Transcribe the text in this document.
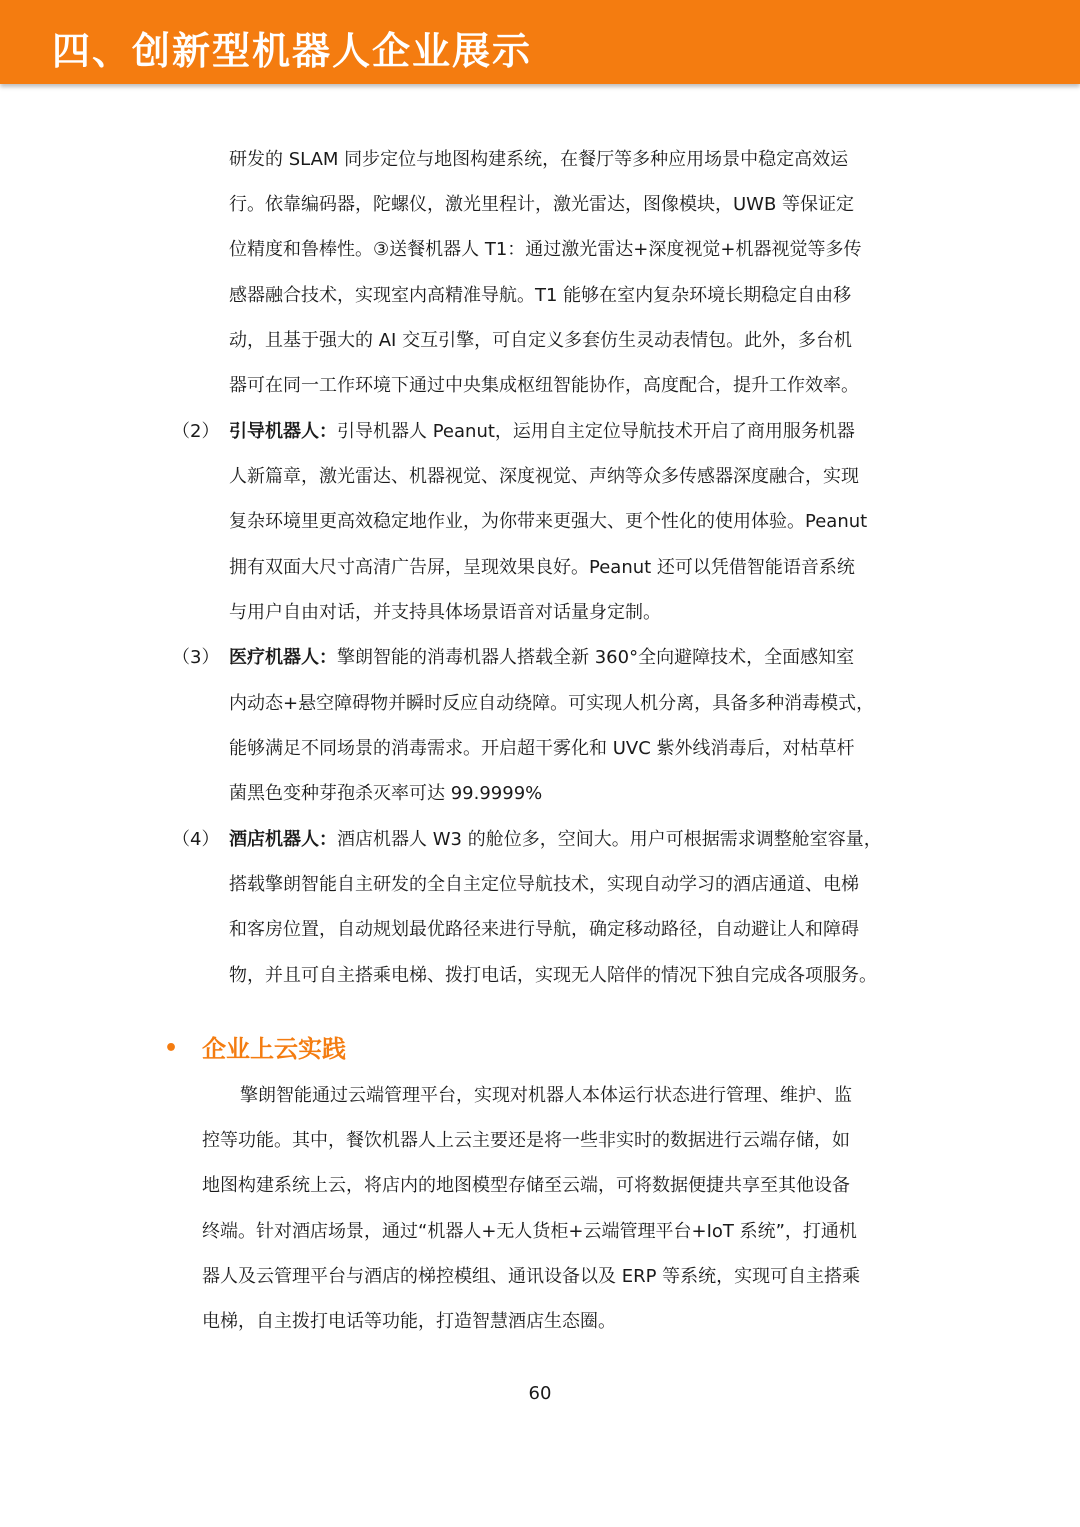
四、创新型机器人企业展示
研发的 SLAM 同步定位与地图构建系统，在餐厅等多种应用场景中稳定高效运
行。依靠编码器，陀螺仪，激光里程计，激光雷达，图像模块，UWB 等保证定
位精度和鲁棒性。③送餐机器人 T1：通过激光雷达+深度视觉+机器视觉等多传
感器融合技术，实现室内高精准导航。T1 能够在室内复杂环境长期稳定自由移
动，且基于强大的 AI 交互引擎，可自定义多套仿生灵动表情包。此外，多台机
器可在同一工作环境下通过中央集成枢纽智能协作，高度配合，提升工作效率。
（2） 引导机器人：引导机器人 Peanut，运用自主定位导航技术开启了商用服务机器
人新篇章，激光雷达、机器视觉、深度视觉、声纳等众多传感器深度融合，实现
复杂环境里更高效稳定地作业，为你带来更强大、更个性化的使用体验。Peanut
拥有双面大尺寸高清广告屏，呈现效果良好。Peanut 还可以凭借智能语音系统
与用户自由对话，并支持具体场景语音对话量身定制。
（3） 医疗机器人：擎朗智能的消毒机器人搭载全新 360°全向避障技术，全面感知室
内动态+悬空障碍物并瞬时反应自动绕障。可实现人机分离，具备多种消毒模式，
能够满足不同场景的消毒需求。开启超干雾化和 UVC 紫外线消毒后，对枯草杆
菌黑色变种芽孢杀灭率可达 99.9999%
（4） 酒店机器人：酒店机器人 W3 的舱位多，空间大。用户可根据需求调整舱室容量，
搭载擎朗智能自主研发的全自主定位导航技术，实现自动学习的酒店通道、电梯
和客房位置，自动规划最优路径来进行导航，确定移动路径，自动避让人和障碍
物，并且可自主搭乘电梯、拨打电话，实现无人陪伴的情况下独自完成各项服务。
• 企业上云实践
擎朗智能通过云端管理平台，实现对机器人本体运行状态进行管理、维护、监
控等功能。其中，餐饮机器人上云主要还是将一些非实时的数据进行云端存储，如
地图构建系统上云，将店内的地图模型存储至云端，可将数据便捷共享至其他设备
终端。针对酒店场景，通过“机器人+无人货柜+云端管理平台+IoT 系统”，打通机
器人及云管理平台与酒店的梯控模组、通讯设备以及 ERP 等系统，实现可自主搭乘
电梯，自主拨打电话等功能，打造智慧酒店生态圈。
60
